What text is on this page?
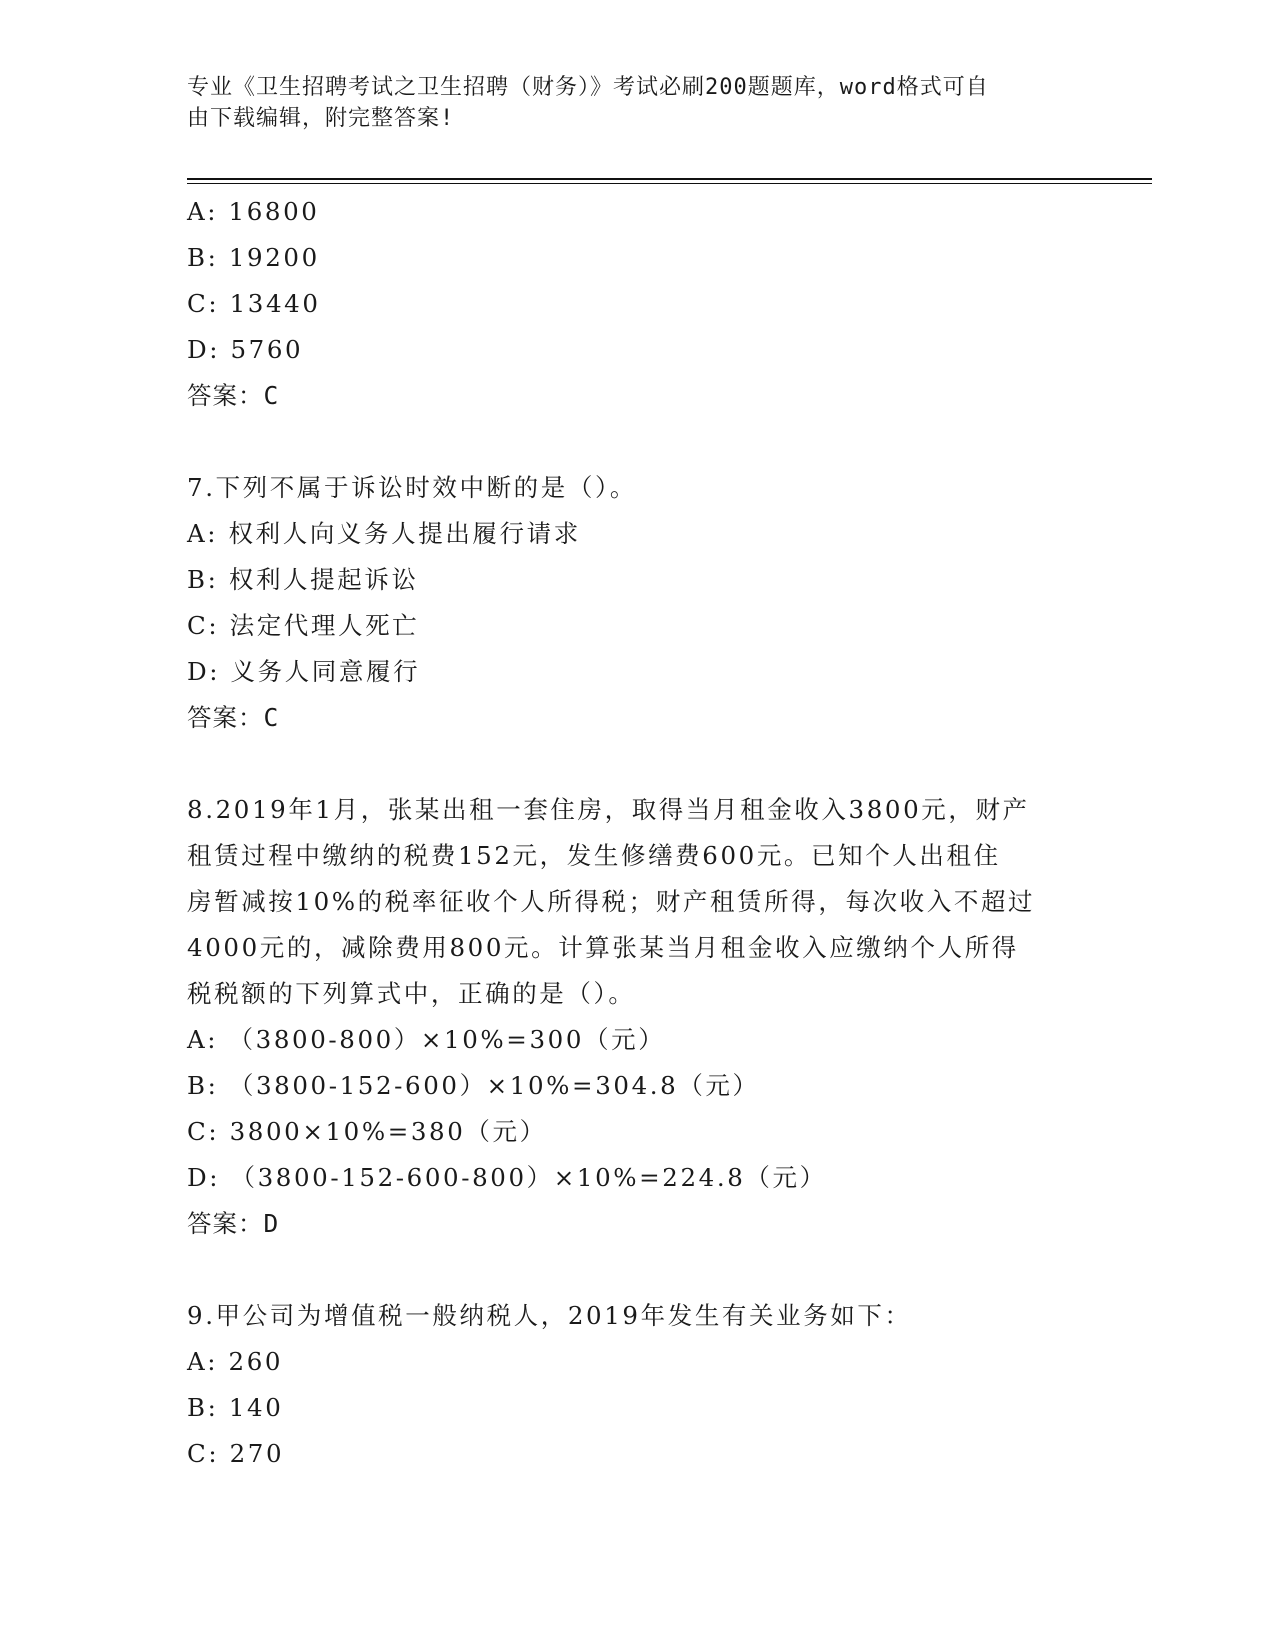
专业《卫生招聘考试之卫生招聘（财务）》考试必刷200题题库，word格式可自
由下载编辑，附完整答案!
A: 16800
B: 19200
C: 13440
D: 5760
答案：C
7.下列不属于诉讼时效中断的是（）。
A: 权利人向义务人提出履行请求
B: 权利人提起诉讼
C: 法定代理人死亡
D: 义务人同意履行
答案：C
8.2019年1月，张某出租一套住房，取得当月租金收入3800元，财产
租赁过程中缴纳的税费152元，发生修缮费600元。已知个人出租住
房暂减按10%的税率征收个人所得税；财产租赁所得，每次收入不超过
4000元的，减除费用800元。计算张某当月租金收入应缴纳个人所得
税税额的下列算式中，正确的是（）。
A: （3800-800）×10%=300（元）
B: （3800-152-600）×10%=304.8（元）
C: 3800×10%=380（元）
D: （3800-152-600-800）×10%=224.8（元）
答案：D
9.甲公司为增值税一般纳税人，2019年发生有关业务如下：
A: 260
B: 140
C: 270
